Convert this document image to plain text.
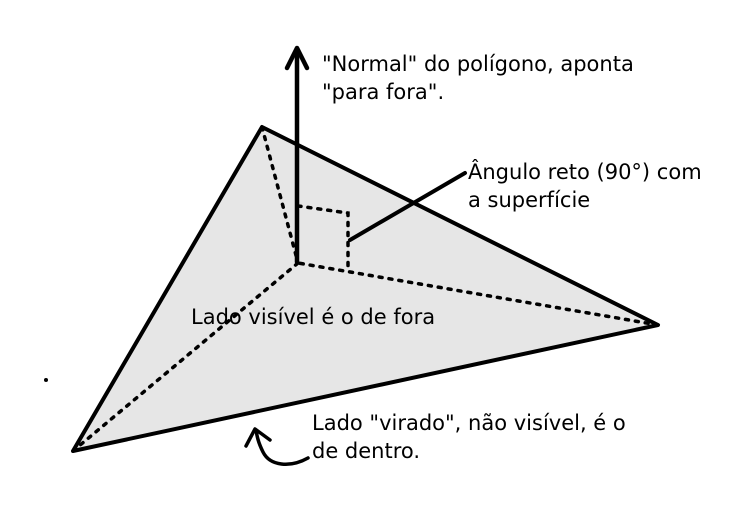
"Normal" do polígono, aponta
"para fora".
Ângulo reto (90°) com
a superfície
Lado visível é o de fora
Lado "virado", não visível, é o
de dentro.
